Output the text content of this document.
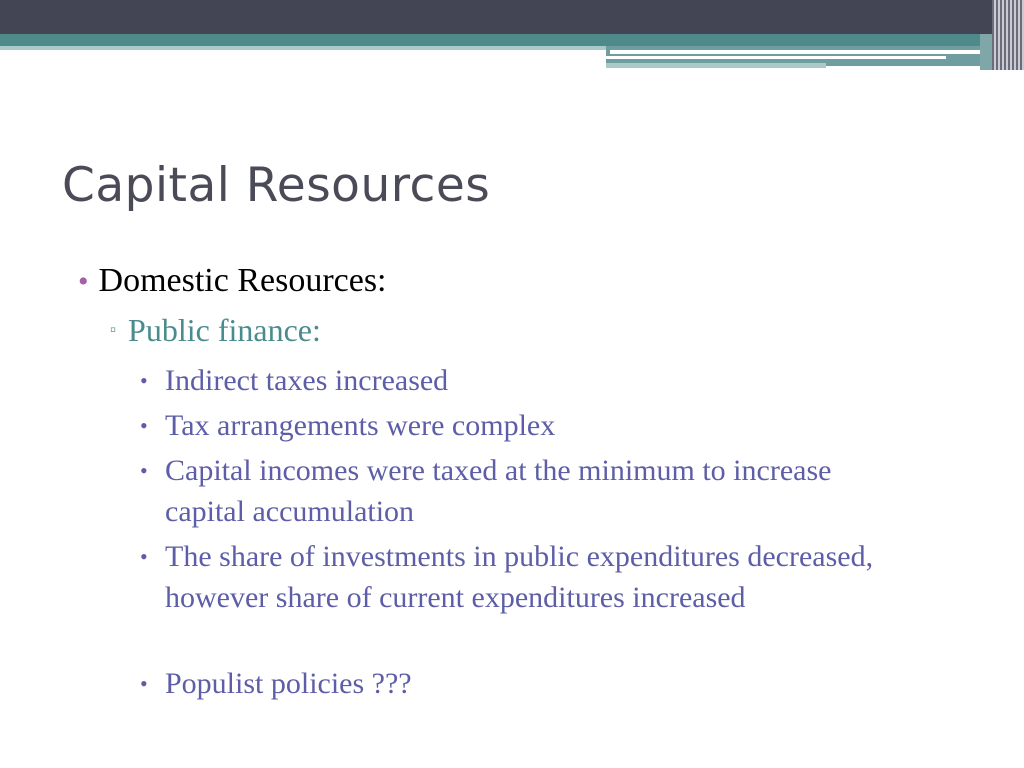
Capital Resources
• Domestic Resources:
▫ Public finance:
• Indirect taxes increased
• Tax arrangements were complex
• Capital incomes were taxed at the minimum to increase capital accumulation
• The share of investments in public expenditures decreased, however share of current expenditures increased
• Populist policies ???
